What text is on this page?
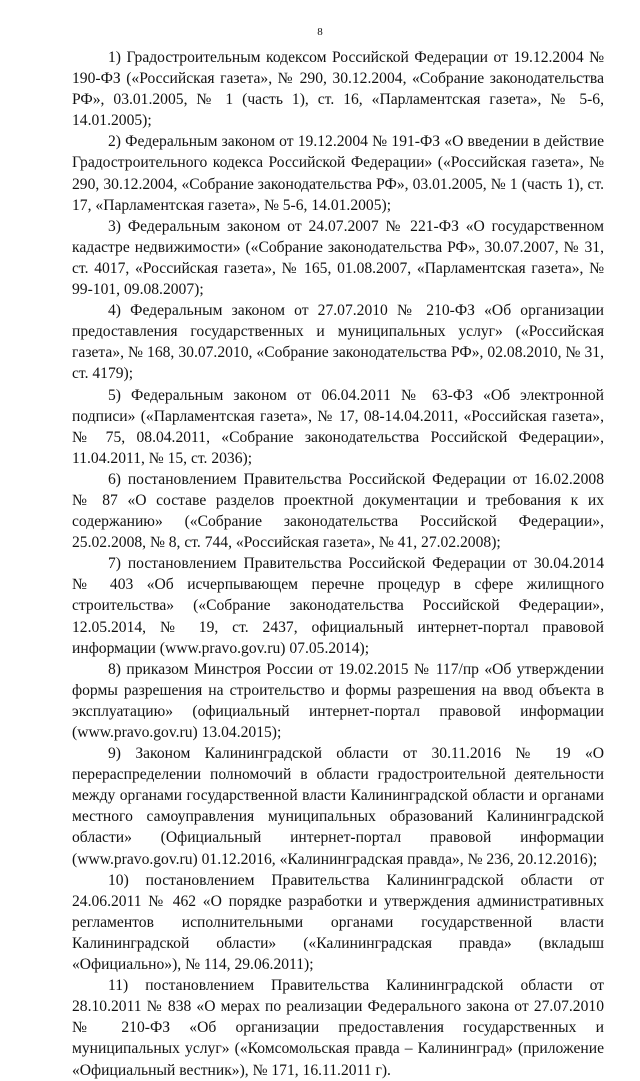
8

1) Градостроительным кодексом Российской Федерации от 19.12.2004 № 190-ФЗ («Российская газета», № 290, 30.12.2004, «Собрание законодательства РФ», 03.01.2005, № 1 (часть 1), ст. 16, «Парламентская газета», № 5-6, 14.01.2005);

2) Федеральным законом от 19.12.2004 № 191-ФЗ «О введении в действие Градостроительного кодекса Российской Федерации» («Российская газета», № 290, 30.12.2004, «Собрание законодательства РФ», 03.01.2005, № 1 (часть 1), ст. 17, «Парламентская газета», № 5-6, 14.01.2005);

3) Федеральным законом от 24.07.2007 № 221-ФЗ «О государственном кадастре недвижимости» («Собрание законодательства РФ», 30.07.2007, № 31, ст. 4017, «Российская газета», № 165, 01.08.2007, «Парламентская газета», № 99-101, 09.08.2007);

4) Федеральным законом от 27.07.2010 № 210-ФЗ «Об организации предоставления государственных и муниципальных услуг» («Российская газета», № 168, 30.07.2010, «Собрание законодательства РФ», 02.08.2010, № 31, ст. 4179);

5) Федеральным законом от 06.04.2011 № 63-ФЗ «Об электронной подписи» («Парламентская газета», № 17, 08-14.04.2011, «Российская газета», № 75, 08.04.2011, «Собрание законодательства Российской Федерации», 11.04.2011, № 15, ст. 2036);

6) постановлением Правительства Российской Федерации от 16.02.2008 № 87 «О составе разделов проектной документации и требования к их содержанию» («Собрание законодательства Российской Федерации», 25.02.2008, № 8, ст. 744, «Российская газета», № 41, 27.02.2008);

7) постановлением Правительства Российской Федерации от 30.04.2014 № 403 «Об исчерпывающем перечне процедур в сфере жилищного строительства» («Собрание законодательства Российской Федерации», 12.05.2014, № 19, ст. 2437, официальный интернет-портал правовой информации (www.pravo.gov.ru) 07.05.2014);

8) приказом Минстроя России от 19.02.2015 № 117/пр «Об утверждении формы разрешения на строительство и формы разрешения на ввод объекта в эксплуатацию» (официальный интернет-портал правовой информации (www.pravo.gov.ru) 13.04.2015);

9) Законом Калининградской области от 30.11.2016 № 19 «О перераспределении полномочий в области градостроительной деятельности между органами государственной власти Калининградской области и органами местного самоуправления муниципальных образований Калининградской области» (Официальный интернет-портал правовой информации (www.pravo.gov.ru) 01.12.2016, «Калининградская правда», № 236, 20.12.2016);

10) постановлением Правительства Калининградской области от 24.06.2011 № 462 «О порядке разработки и утверждения административных регламентов исполнительными органами государственной власти Калининградской области» («Калининградская правда» (вкладыш «Официально»), № 114, 29.06.2011);

11) постановлением Правительства Калининградской области от 28.10.2011 № 838 «О мерах по реализации Федерального закона от 27.07.2010 № 210-ФЗ «Об организации предоставления государственных и муниципальных услуг» («Комсомольская правда – Калининград» (приложение «Официальный вестник»), № 171, 16.11.2011 г).
